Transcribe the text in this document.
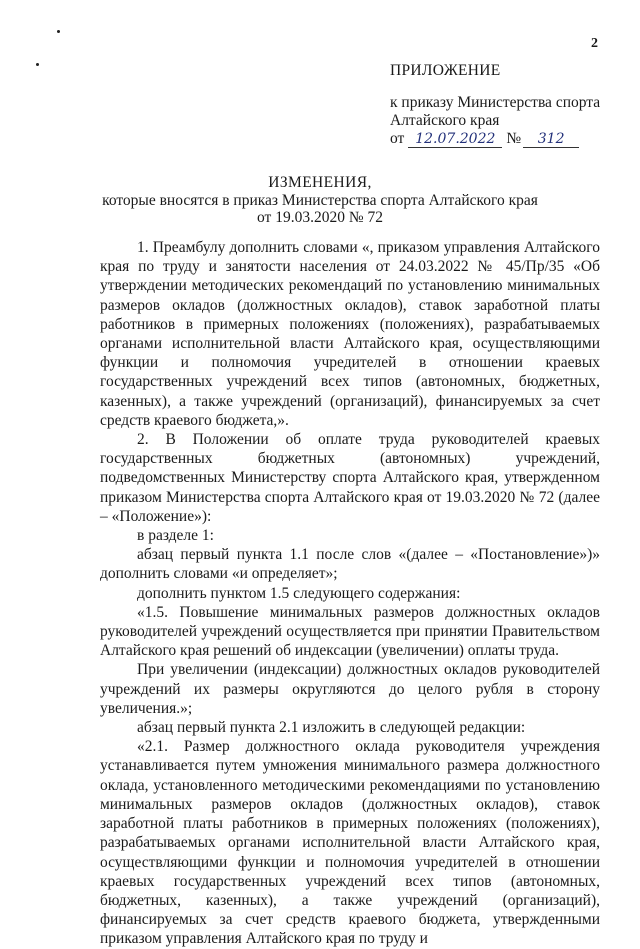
2
ПРИЛОЖЕНИЕ
к приказу Министерства спорта
Алтайского края
от 12.07.2022 № 312
ИЗМЕНЕНИЯ,
которые вносятся в приказ Министерства спорта Алтайского края
от 19.03.2020 № 72

1. Преамбулу дополнить словами «, приказом управления Алтайского края по труду и занятости населения от 24.03.2022 № 45/Пр/35 «Об утверждении методических рекомендаций по установлению минимальных размеров окладов (должностных окладов), ставок заработной платы работников в примерных положениях (положениях), разрабатываемых органами исполнительной власти Алтайского края, осуществляющими функции и полномочия учредителей в отношении краевых государственных учреждений всех типов (автономных, бюджетных, казенных), а также учреждений (организаций), финансируемых за счет средств краевого бюджета,».

2. В Положении об оплате труда руководителей краевых государственных бюджетных (автономных) учреждений, подведомственных Министерству спорта Алтайского края, утвержденном приказом Министерства спорта Алтайского края от 19.03.2020 № 72 (далее – «Положение»):

в разделе 1:

абзац первый пункта 1.1 после слов «(далее – «Постановление»)» дополнить словами «и определяет»;

дополнить пунктом 1.5 следующего содержания:

«1.5. Повышение минимальных размеров должностных окладов руководителей учреждений осуществляется при принятии Правительством Алтайского края решений об индексации (увеличении) оплаты труда.

При увеличении (индексации) должностных окладов руководителей учреждений их размеры округляются до целого рубля в сторону увеличения.»;

абзац первый пункта 2.1 изложить в следующей редакции:

«2.1. Размер должностного оклада руководителя учреждения устанавливается путем умножения минимального размера должностного оклада, установленного методическими рекомендациями по установлению минимальных размеров окладов (должностных окладов), ставок заработной платы работников в примерных положениях (положениях), разрабатываемых органами исполнительной власти Алтайского края, осуществляющими функции и полномочия учредителей в отношении краевых государственных учреждений всех типов (автономных, бюджетных, казенных), а также учреждений (организаций), финансируемых за счет средств краевого бюджета, утвержденными приказом управления Алтайского края по труду и
